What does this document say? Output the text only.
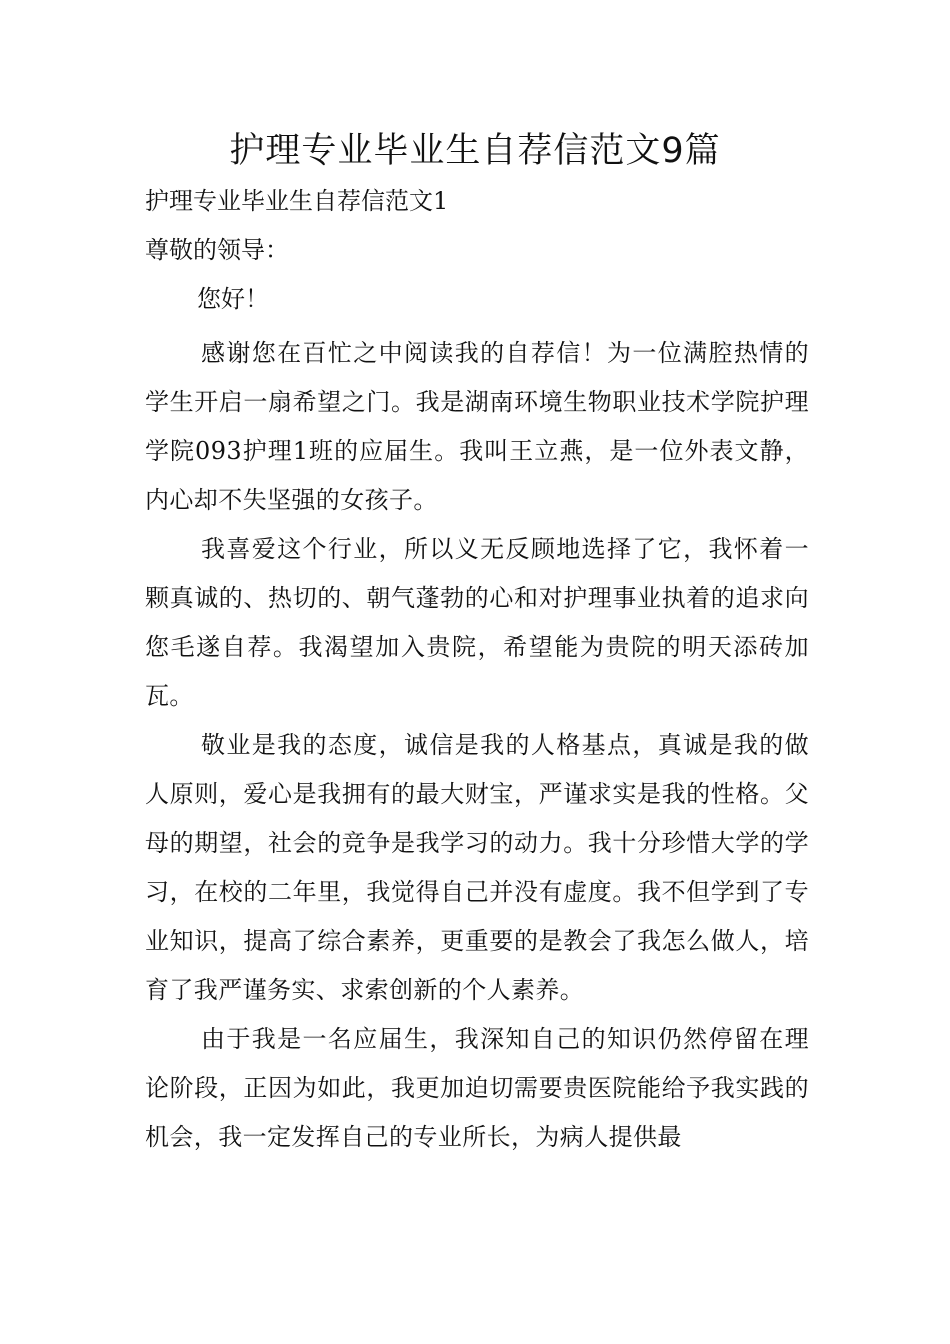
护理专业毕业生自荐信范文9篇

护理专业毕业生自荐信范文1

尊敬的领导：

您好！

感谢您在百忙之中阅读我的自荐信！为一位满腔热情的学生开启一扇希望之门。我是湖南环境生物职业技术学院护理学院093护理1班的应届生。我叫王立燕，是一位外表文静，内心却不失坚强的女孩子。

我喜爱这个行业，所以义无反顾地选择了它，我怀着一颗真诚的、热切的、朝气蓬勃的心和对护理事业执着的追求向您毛遂自荐。我渴望加入贵院，希望能为贵院的明天添砖加瓦。

敬业是我的态度，诚信是我的人格基点，真诚是我的做人原则，爱心是我拥有的最大财宝，严谨求实是我的性格。父母的期望，社会的竞争是我学习的动力。我十分珍惜大学的学习，在校的二年里，我觉得自己并没有虚度。我不但学到了专业知识，提高了综合素养，更重要的是教会了我怎么做人，培育了我严谨务实、求索创新的个人素养。

由于我是一名应届生，我深知自己的知识仍然停留在理论阶段，正因为如此，我更加迫切需要贵医院能给予我实践的机会，我一定发挥自己的专业所长，为病人提供最
